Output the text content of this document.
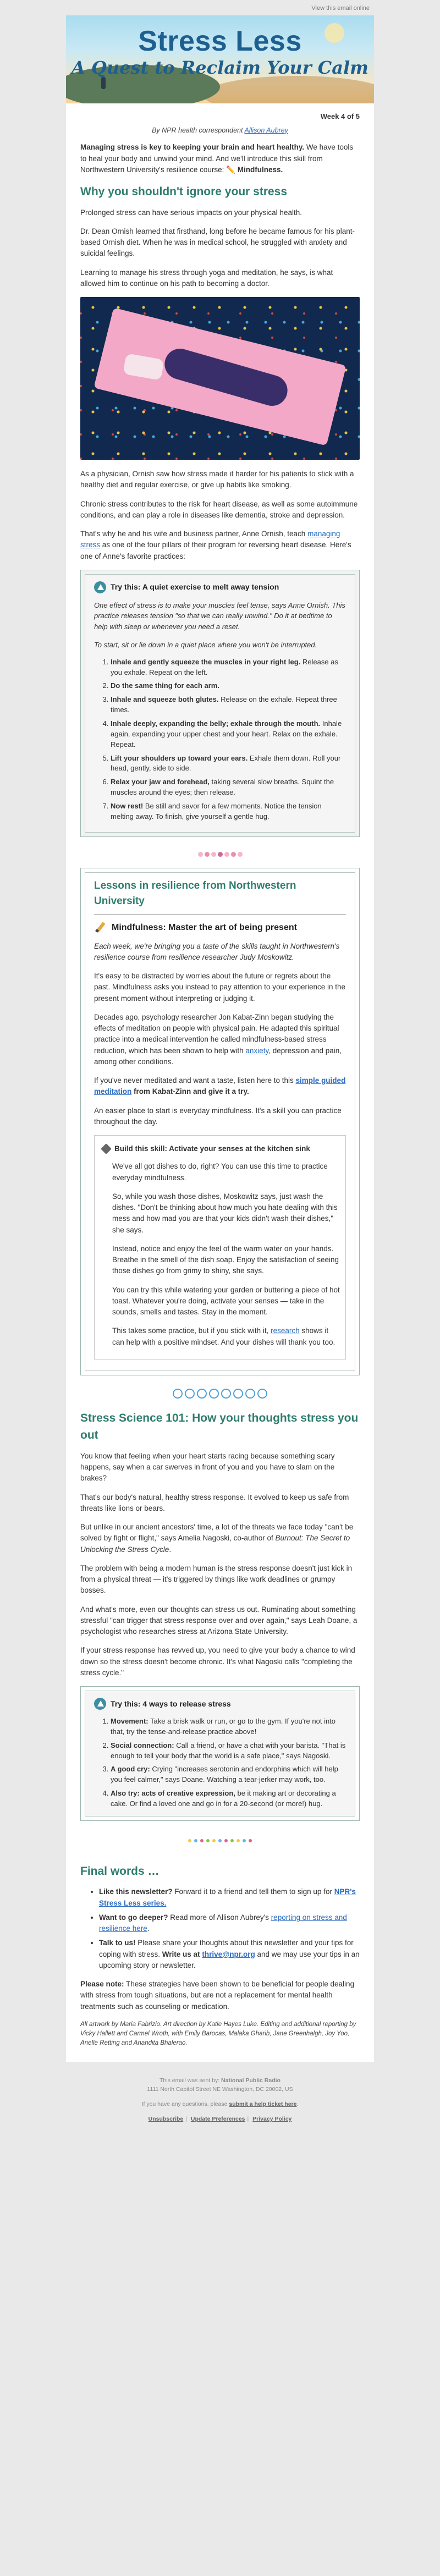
View this email online
Stress Less
A Quest to Reclaim Your Calm
Week 4 of 5
By NPR health correspondent Allison Aubrey

Managing stress is key to keeping your brain and heart healthy. We have tools to heal your body and unwind your mind. And we'll introduce this skill from Northwestern University's resilience course: ✏️ Mindfulness.

Why you shouldn't ignore your stress

Prolonged stress can have serious impacts on your physical health.

Dr. Dean Ornish learned that firsthand, long before he became famous for his plant-based Ornish diet. When he was in medical school, he struggled with anxiety and suicidal feelings.

Learning to manage his stress through yoga and meditation, he says, is what allowed him to continue on his path to becoming a doctor.

As a physician, Ornish saw how stress made it harder for his patients to stick with a healthy diet and regular exercise, or give up habits like smoking.

Chronic stress contributes to the risk for heart disease, as well as some autoimmune conditions, and can play a role in diseases like dementia, stroke and depression.

That's why he and his wife and business partner, Anne Ornish, teach managing stress as one of the four pillars of their program for reversing heart disease. Here's one of Anne's favorite practices:

Try this: A quiet exercise to melt away tension

One effect of stress is to make your muscles feel tense, says Anne Ornish. This practice releases tension "so that we can really unwind." Do it at bedtime to help with sleep or whenever you need a reset.

To start, sit or lie down in a quiet place where you won't be interrupted.

1. Inhale and gently squeeze the muscles in your right leg. Release as you exhale. Repeat on the left.
2. Do the same thing for each arm.
3. Inhale and squeeze both glutes. Release on the exhale. Repeat three times.
4. Inhale deeply, expanding the belly; exhale through the mouth. Inhale again, expanding your upper chest and your heart. Relax on the exhale. Repeat.
5. Lift your shoulders up toward your ears. Exhale them down. Roll your head, gently, side to side.
6. Relax your jaw and forehead, taking several slow breaths. Squint the muscles around the eyes; then release.
7. Now rest! Be still and savor for a few moments. Notice the tension melting away. To finish, give yourself a gentle hug.
Lessons in resilience from Northwestern University
Mindfulness: Master the art of being present

Each week, we're bringing you a taste of the skills taught in Northwestern's resilience course from resilience researcher Judy Moskowitz.

It's easy to be distracted by worries about the future or regrets about the past. Mindfulness asks you instead to pay attention to your experience in the present moment without interpreting or judging it.

Decades ago, psychology researcher Jon Kabat-Zinn began studying the effects of meditation on people with physical pain. He adapted this spiritual practice into a medical intervention he called mindfulness-based stress reduction, which has been shown to help with anxiety, depression and pain, among other conditions.

If you've never meditated and want a taste, listen here to this simple guided meditation from Kabat-Zinn and give it a try.

An easier place to start is everyday mindfulness. It's a skill you can practice throughout the day.

Build this skill: Activate your senses at the kitchen sink

We've all got dishes to do, right? You can use this time to practice everyday mindfulness.

So, while you wash those dishes, Moskowitz says, just wash the dishes. "Don't be thinking about how much you hate dealing with this mess and how mad you are that your kids didn't wash their dishes," she says.

Instead, notice and enjoy the feel of the warm water on your hands. Breathe in the smell of the dish soap. Enjoy the satisfaction of seeing those dishes go from grimy to shiny, she says.

You can try this while watering your garden or buttering a piece of hot toast. Whatever you're doing, activate your senses — take in the sounds, smells and tastes. Stay in the moment.

This takes some practice, but if you stick with it, research shows it can help with a positive mindset. And your dishes will thank you too.

Stress Science 101: How your thoughts stress you out

You know that feeling when your heart starts racing because something scary happens, say when a car swerves in front of you and you have to slam on the brakes?

That's our body's natural, healthy stress response. It evolved to keep us safe from threats like lions or bears.

But unlike in our ancient ancestors' time, a lot of the threats we face today "can't be solved by fight or flight," says Amelia Nagoski, co-author of Burnout: The Secret to Unlocking the Stress Cycle.

The problem with being a modern human is the stress response doesn't just kick in from a physical threat — it's triggered by things like work deadlines or grumpy bosses.

And what's more, even our thoughts can stress us out. Ruminating about something stressful "can trigger that stress response over and over again," says Leah Doane, a psychologist who researches stress at Arizona State University.

If your stress response has revved up, you need to give your body a chance to wind down so the stress doesn't become chronic. It's what Nagoski calls "completing the stress cycle."

Try this: 4 ways to release stress
1. Movement: Take a brisk walk or run, or go to the gym. If you're not into that, try the tense-and-release practice above!
2. Social connection: Call a friend, or have a chat with your barista. "That is enough to tell your body that the world is a safe place," says Nagoski.
3. A good cry: Crying "increases serotonin and endorphins which will help you feel calmer," says Doane. Watching a tear-jerker may work, too.
4. Also try: acts of creative expression, be it making art or decorating a cake. Or find a loved one and go in for a 20-second (or more!) hug.
Final words …
• Like this newsletter? Forward it to a friend and tell them to sign up for NPR's Stress Less series.
• Want to go deeper? Read more of Allison Aubrey's reporting on stress and resilience here.
• Talk to us! Please share your thoughts about this newsletter and your tips for coping with stress. Write us at thrive@npr.org and we may use your tips in an upcoming story or newsletter.

Please note: These strategies have been shown to be beneficial for people dealing with stress from tough situations, but are not a replacement for mental health treatments such as counseling or medication.

All artwork by Maria Fabrizio. Art direction by Katie Hayes Luke. Editing and additional reporting by Vicky Hallett and Carmel Wroth, with Emily Barocas, Malaka Gharib, Jane Greenhalgh, Joy Yoo, Arielle Retting and Anandita Bhalerao.

This email was sent by: National Public Radio
1111 North Capitol Street NE Washington, DC 20002, US
If you have any questions, please submit a help ticket here.
Unsubscribe | Update Preferences | Privacy Policy
